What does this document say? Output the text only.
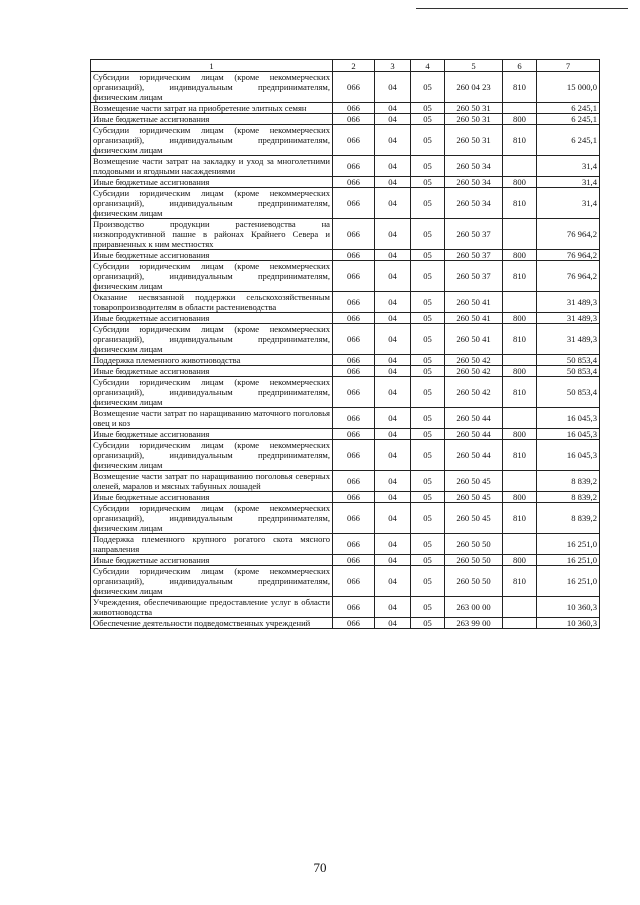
1	2	3	4	5	6	7
Субсидии юридическим лицам (кроме некоммерческих организаций), индивидуальным предпринимателям, физическим лицам	066	04	05	260 04 23	810	15 000,0
Возмещение части затрат на приобретение элитных семян	066	04	05	260 50 31		6 245,1
Иные бюджетные ассигнования	066	04	05	260 50 31	800	6 245,1
Субсидии юридическим лицам (кроме некоммерческих организаций), индивидуальным предпринимателям, физическим лицам	066	04	05	260 50 31	810	6 245,1
Возмещение части затрат на закладку и уход за многолетними плодовыми и ягодными насаждениями	066	04	05	260 50 34		31,4
Иные бюджетные ассигнования	066	04	05	260 50 34	800	31,4
Субсидии юридическим лицам (кроме некоммерческих организаций), индивидуальным предпринимателям, физическим лицам	066	04	05	260 50 34	810	31,4
Производство продукции растениеводства на низкопродуктивной пашне в районах Крайнего Севера и приравненных к ним местностях	066	04	05	260 50 37		76 964,2
Иные бюджетные ассигнования	066	04	05	260 50 37	800	76 964,2
Субсидии юридическим лицам (кроме некоммерческих организаций), индивидуальным предпринимателям, физическим лицам	066	04	05	260 50 37	810	76 964,2
Оказание несвязанной поддержки сельскохозяйственным товаропроизводителям в области растениеводства	066	04	05	260 50 41		31 489,3
Иные бюджетные ассигнования	066	04	05	260 50 41	800	31 489,3
Субсидии юридическим лицам (кроме некоммерческих организаций), индивидуальным предпринимателям, физическим лицам	066	04	05	260 50 41	810	31 489,3
Поддержка племенного животноводства	066	04	05	260 50 42		50 853,4
Иные бюджетные ассигнования	066	04	05	260 50 42	800	50 853,4
Субсидии юридическим лицам (кроме некоммерческих организаций), индивидуальным предпринимателям, физическим лицам	066	04	05	260 50 42	810	50 853,4
Возмещение части затрат по наращиванию маточного поголовья овец и коз	066	04	05	260 50 44		16 045,3
Иные бюджетные ассигнования	066	04	05	260 50 44	800	16 045,3
Субсидии юридическим лицам (кроме некоммерческих организаций), индивидуальным предпринимателям, физическим лицам	066	04	05	260 50 44	810	16 045,3
Возмещение части затрат по наращиванию поголовья северных оленей, маралов и мясных табунных лошадей	066	04	05	260 50 45		8 839,2
Иные бюджетные ассигнования	066	04	05	260 50 45	800	8 839,2
Субсидии юридическим лицам (кроме некоммерческих организаций), индивидуальным предпринимателям, физическим лицам	066	04	05	260 50 45	810	8 839,2
Поддержка племенного крупного рогатого скота мясного направления	066	04	05	260 50 50		16 251,0
Иные бюджетные ассигнования	066	04	05	260 50 50	800	16 251,0
Субсидии юридическим лицам (кроме некоммерческих организаций), индивидуальным предпринимателям, физическим лицам	066	04	05	260 50 50	810	16 251,0
Учреждения, обеспечивающие предоставление услуг в области животноводства	066	04	05	263 00 00		10 360,3
Обеспечение деятельности подведомственных учреждений	066	04	05	263 99 00		10 360,3
70
